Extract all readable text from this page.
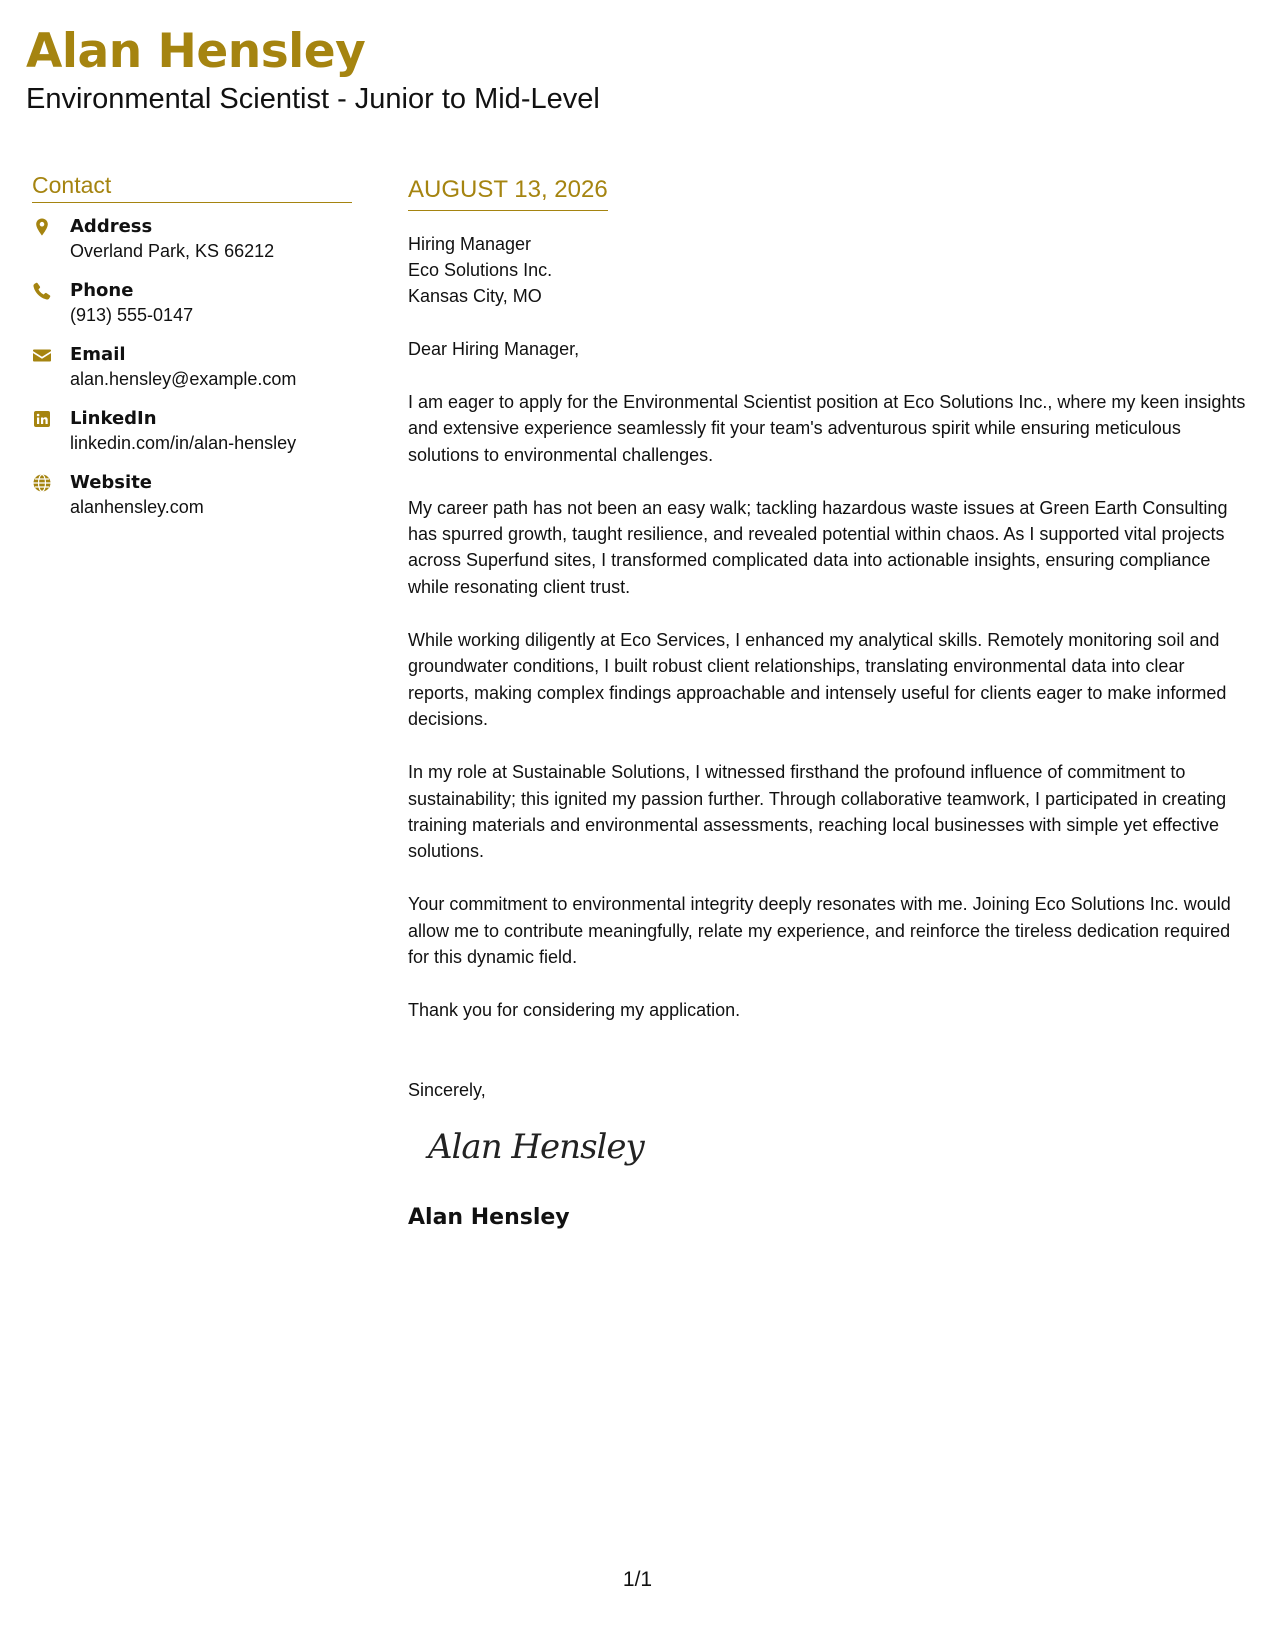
Alan Hensley

Environmental Scientist - Junior to Mid-Level

Contact
Address
Overland Park, KS 66212
Phone
(913) 555-0147
Email
alan.hensley@example.com
LinkedIn
linkedin.com/in/alan-hensley
Website
alanhensley.com
AUGUST 13, 2026

Hiring Manager

Eco Solutions Inc.

Kansas City, MO

Dear Hiring Manager,

I am eager to apply for the Environmental Scientist position at Eco Solutions Inc., where my keen insights and extensive experience seamlessly fit your team's adventurous spirit while ensuring meticulous solutions to environmental challenges.

My career path has not been an easy walk; tackling hazardous waste issues at Green Earth Consulting has spurred growth, taught resilience, and revealed potential within chaos. As I supported vital projects across Superfund sites, I transformed complicated data into actionable insights, ensuring compliance while resonating client trust.

While working diligently at Eco Services, I enhanced my analytical skills. Remotely monitoring soil and groundwater conditions, I built robust client relationships, translating environmental data into clear reports, making complex findings approachable and intensely useful for clients eager to make informed decisions.

In my role at Sustainable Solutions, I witnessed firsthand the profound influence of commitment to sustainability; this ignited my passion further. Through collaborative teamwork, I participated in creating training materials and environmental assessments, reaching local businesses with simple yet effective solutions.

Your commitment to environmental integrity deeply resonates with me. Joining Eco Solutions Inc. would allow me to contribute meaningfully, relate my experience, and reinforce the tireless dedication required for this dynamic field.

Thank you for considering my application.

Sincerely,

Alan Hensley
Alan Hensley
1/1
